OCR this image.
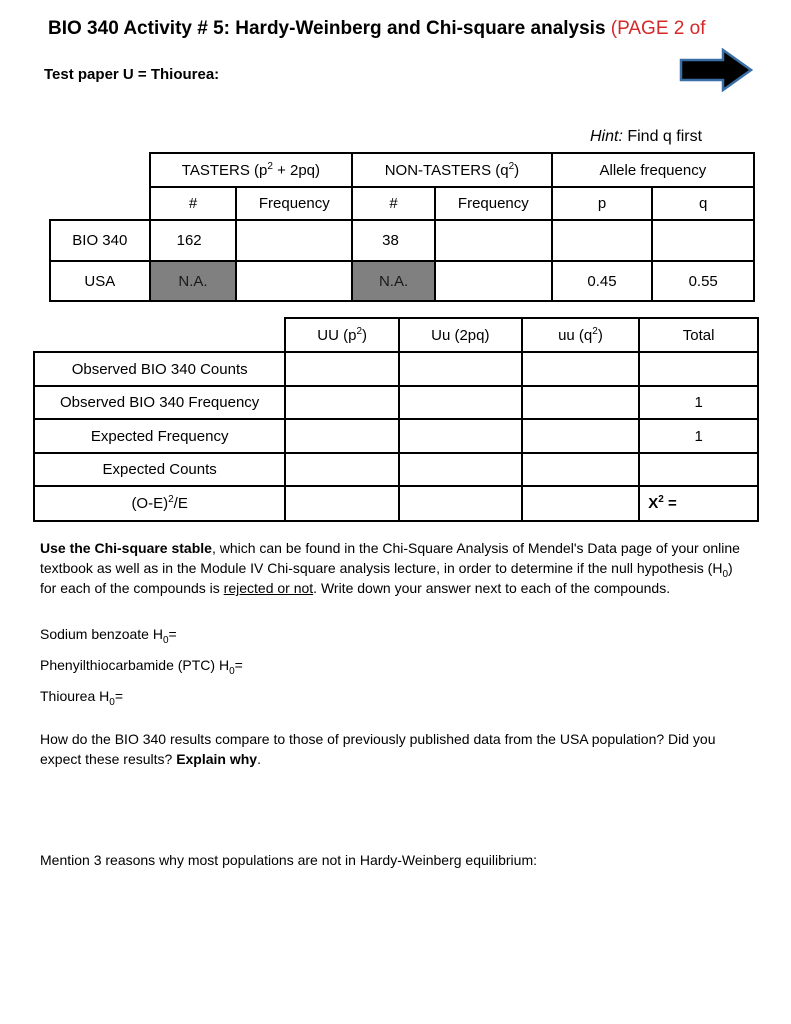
BIO 340 Activity # 5: Hardy-Weinberg and Chi-square analysis (PAGE 2 of
Test paper U = Thiourea:
Hint: Find q first
	TASTERS $(p^2 + 2pq)$		NON-TASTERS $(q^2)$		Allele frequency	
	#	Frequency	#	Frequency	p	q
BIO 340	162		38			
USA	N.A.		N.A.		0.45	0.55
	UU $(p^2)$	Uu (2pq)	uu $(q^2)$	Total
Observed BIO 340 Counts				
Observed BIO 340 Frequency				1
Expected Frequency				1
Expected Counts				
$(O-E)^2/E$				$X^2$ =
Use the Chi-square stable, which can be found in the Chi-Square Analysis of Mendel's Data page of your online textbook as well as in the Module IV Chi-square analysis lecture, in order to determine if the null hypothesis $(H_0)$ for each of the compounds is rejected or not. Write down your answer next to each of the compounds.
Sodium benzoate $H_0=$
Phenyilthiocarbamide (PTC) $H_0=$
Thiourea $H_0=$
How do the BIO 340 results compare to those of previously published data from the USA population? Did you expect these results? Explain why.
Mention 3 reasons why most populations are not in Hardy-Weinberg equilibrium:
